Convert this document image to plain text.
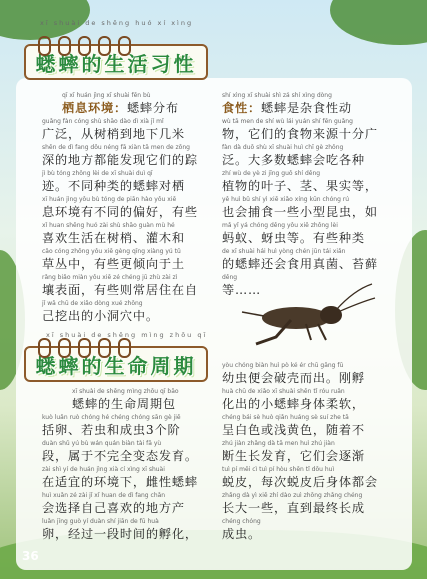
xī shuài de shēng huó xí xìng
蟋蟀的生活习性
qī xī huán jìng xī shuài fēn bù
栖息环境：蟋蟀分布
guǎng fàn cóng shù shāo dào dì xià jǐ mǐ
广泛，从树梢到地下几米
shēn de dì fang dōu néng fā xiàn tā men de zōng
深的地方都能发现它们的踪
jì bù tóng zhǒng lèi de xī shuài duì qī
迹。不同种类的蟋蟀对栖
xī huán jìng yǒu bù tóng de piān hào yǒu xiē
息环境有不同的偏好，有些
xǐ huan shēng huó zài shù shāo guàn mù hé
喜欢生活在树梢、灌木和
cǎo cóng zhōng yǒu xiē gèng qīng xiàng yú tǔ
草丛中，有些更倾向于土
rǎng biǎo miàn yǒu xiē zé chéng jū zhù zài zì
壤表面，有些则常居住在自
jǐ wā chū de xiǎo dòng xué zhōng
己挖出的小洞穴中。
shí xìng xī shuài shì zá shí xìng dòng
食性：蟋蟀是杂食性动
wù tā men de shí wù lái yuán shí fēn guǎng
物，它们的食物来源十分广
fàn dà duō shù xī shuài huì chī gè zhǒng
泛。大多数蟋蟀会吃各种
zhí wù de yè zi jīng guǒ shí děng
植物的叶子、茎、果实等，
yě huì bǔ shí yì xiē xiǎo xíng kūn chóng rú
也会捕食一些小型昆虫，如
mǎ yǐ yá chóng děng yǒu xiē zhǒng lèi
蚂蚁、蚜虫等。有些种类
de xī shuài hái huì yòng chén jūn tái xiǎn
的蟋蟀还会食用真菌、苔藓
děng
等……
xī shuài de shēng mìng zhōu qī
蟋蟀的生命周期
xī shuài de shēng mìng zhōu qī bāo
蟋蟀的生命周期包
kuò luǎn ruò chóng hé chéng chóng sān gè jiē
括卵、若虫和成虫3个阶
duàn shǔ yú bù wán quán biàn tài fā yù
段，属于不完全变态发育。
zài shì yí de huán jìng xià cí xìng xī shuài
在适宜的环境下，雌性蟋蟀
huì xuǎn zé zài jǐ xǐ huan de dì fang chǎn
会选择自己喜欢的地方产
luǎn jīng guò yí duàn shí jiān de fū huà
卵，经过一段时间的孵化，
yòu chóng biàn huì pò ké ér chū gāng fū
幼虫便会破壳而出。刚孵
huà chū de xiǎo xī shuài shēn tǐ róu ruǎn
化出的小蟋蟀身体柔软，
chéng bái sè huò qiǎn huáng sè suí zhe tā
呈白色或浅黄色，随着不
zhú jiàn zhǎng dà tā men huì zhú jiàn
断生长发育，它们会逐渐
tuì pí měi cì tuì pí hòu shēn tǐ dōu huì
蜕皮，每次蜕皮后身体都会
zhǎng dà yì xiē zhí dào zuì zhōng zhǎng chéng
长大一些，直到最终长成
chéng chóng
成虫。
36
